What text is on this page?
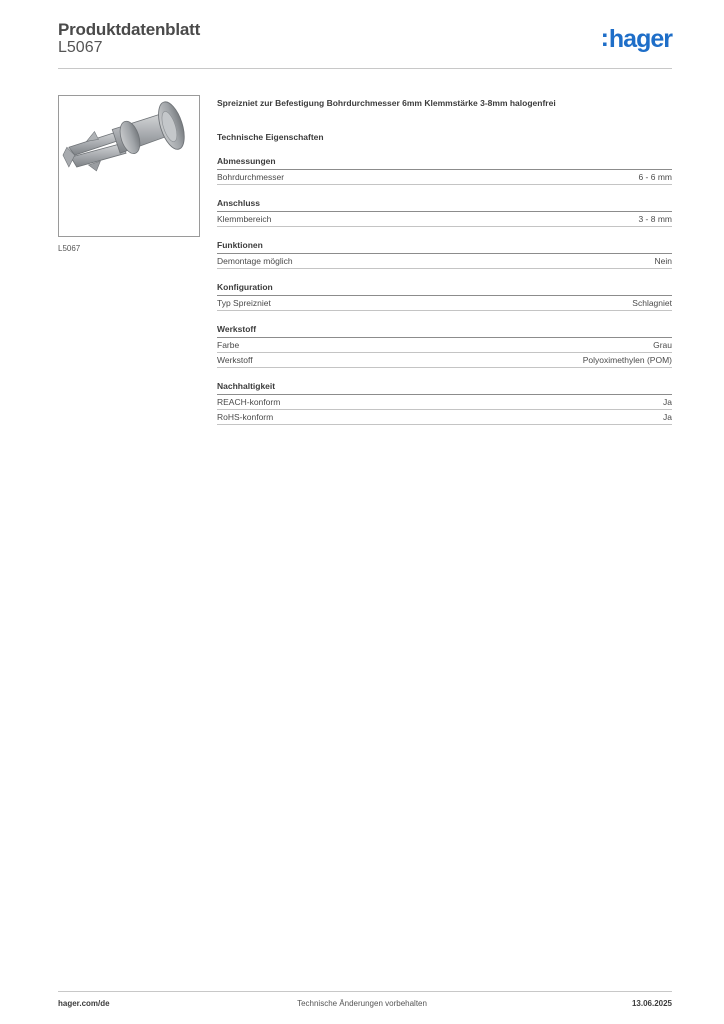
Produktdatenblatt
L5067	:hager
L5067
Spreizniet zur Befestigung Bohrdurchmesser 6mm Klemmstärke 3-8mm halogenfrei
Technische Eigenschaften
Abmessungen
Bohrdurchmesser	6 - 6 mm
Anschluss
Klemmbereich	3 - 8 mm
Funktionen
Demontage möglich	Nein
Konfiguration
Typ Spreizniet	Schlagniet
Werkstoff
Farbe	Grau
Werkstoff	Polyoximethylen (POM)
Nachhaltigkeit
REACH-konform	Ja
RoHS-konform	Ja
hager.com/de	Technische Änderungen vorbehalten	13.06.2025
